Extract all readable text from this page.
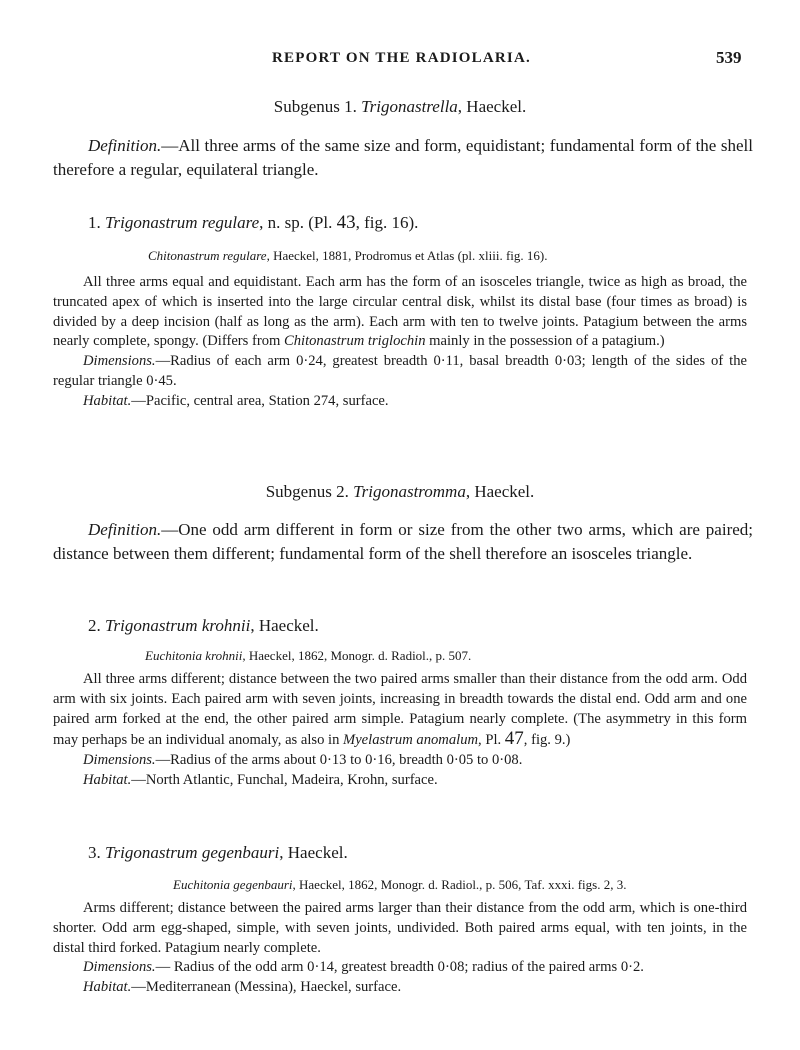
REPORT ON THE RADIOLARIA.	539
Subgenus 1. Trigonastrella, Haeckel.

Definition.—All three arms of the same size and form, equidistant; fundamental form of the shell therefore a regular, equilateral triangle.

1. Trigonastrum regulare, n. sp. (Pl. 43, fig. 16).
Chitonastrum regulare, Haeckel, 1881, Prodromus et Atlas (pl. xliii. fig. 16).

All three arms equal and equidistant. Each arm has the form of an isosceles triangle, twice as high as broad, the truncated apex of which is inserted into the large circular central disk, whilst its distal base (four times as broad) is divided by a deep incision (half as long as the arm). Each arm with ten to twelve joints. Patagium between the arms nearly complete, spongy. (Differs from Chitonastrum triglochin mainly in the possession of a patagium.)

Dimensions.—Radius of each arm 0·24, greatest breadth 0·11, basal breadth 0·03; length of the sides of the regular triangle 0·45.

Habitat.—Pacific, central area, Station 274, surface.

Subgenus 2. Trigonastromma, Haeckel.

Definition.—One odd arm different in form or size from the other two arms, which are paired; distance between them different; fundamental form of the shell therefore an isosceles triangle.

2. Trigonastrum krohnii, Haeckel.
Euchitonia krohnii, Haeckel, 1862, Monogr. d. Radiol., p. 507.

All three arms different; distance between the two paired arms smaller than their distance from the odd arm. Odd arm with six joints. Each paired arm with seven joints, increasing in breadth towards the distal end. Odd arm and one paired arm forked at the end, the other paired arm simple. Patagium nearly complete. (The asymmetry in this form may perhaps be an individual anomaly, as also in Myelastrum anomalum, Pl. 47, fig. 9.)

Dimensions.—Radius of the arms about 0·13 to 0·16, breadth 0·05 to 0·08.

Habitat.—North Atlantic, Funchal, Madeira, Krohn, surface.

3. Trigonastrum gegenbauri, Haeckel.
Euchitonia gegenbauri, Haeckel, 1862, Monogr. d. Radiol., p. 506, Taf. xxxi. figs. 2, 3.

Arms different; distance between the paired arms larger than their distance from the odd arm, which is one-third shorter. Odd arm egg-shaped, simple, with seven joints, undivided. Both paired arms equal, with ten joints, in the distal third forked. Patagium nearly complete.

Dimensions.— Radius of the odd arm 0·14, greatest breadth 0·08; radius of the paired arms 0·2.

Habitat.—Mediterranean (Messina), Haeckel, surface.
